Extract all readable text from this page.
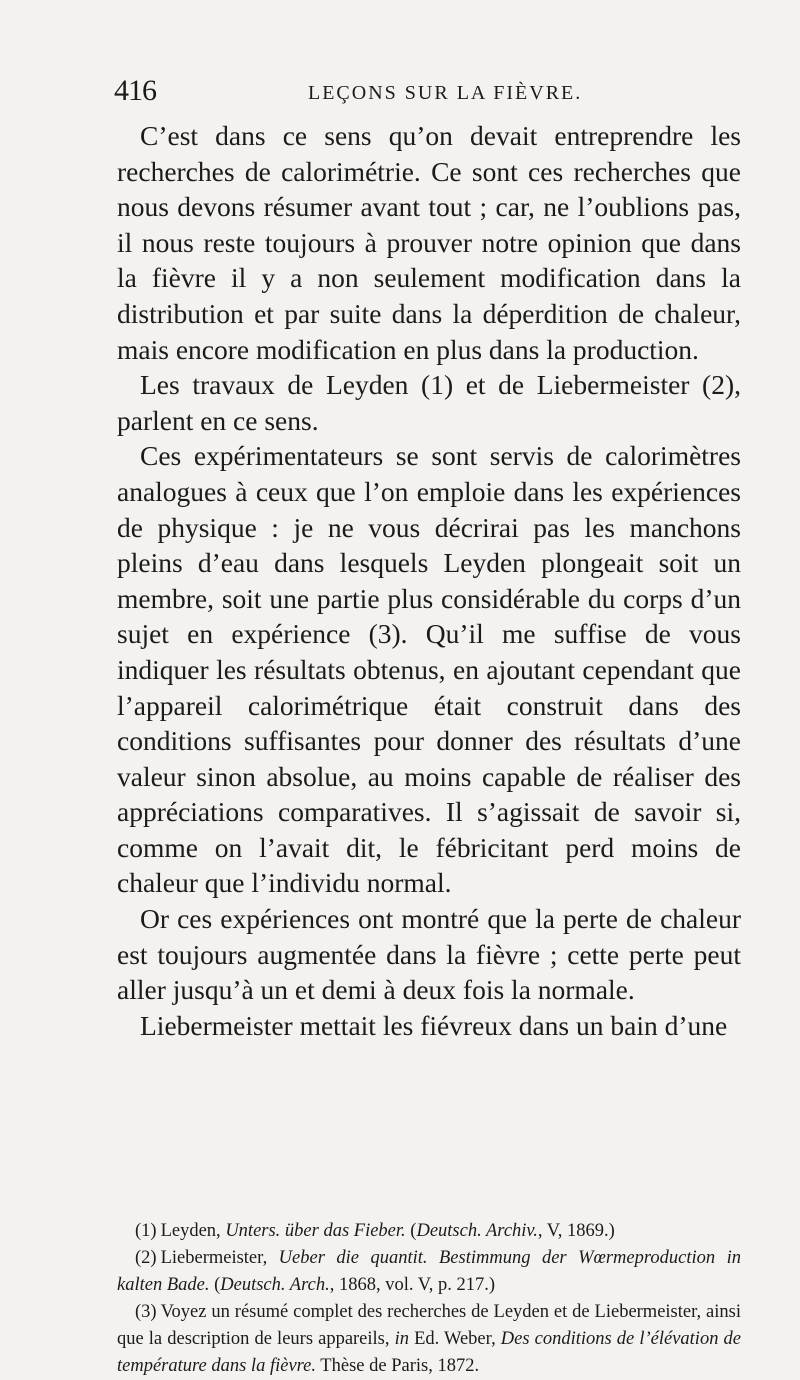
416	LEÇONS SUR LA FIÈVRE.

C’est dans ce sens qu’on devait entreprendre les recherches de calorimétrie. Ce sont ces recherches que nous devons résumer avant tout ; car, ne l’oublions pas, il nous reste toujours à prouver notre opinion que dans la fièvre il y a non seulement modification dans la distribution et par suite dans la déperdition de chaleur, mais encore modification en plus dans la production.

Les travaux de Leyden (1) et de Liebermeister (2), parlent en ce sens.

Ces expérimentateurs se sont servis de calorimètres analogues à ceux que l’on emploie dans les expériences de physique : je ne vous décrirai pas les manchons pleins d’eau dans lesquels Leyden plongeait soit un membre, soit une partie plus considérable du corps d’un sujet en expérience (3). Qu’il me suffise de vous indiquer les résultats obtenus, en ajoutant cependant que l’appareil calorimétrique était construit dans des conditions suffisantes pour donner des résultats d’une valeur sinon absolue, au moins capable de réaliser des appréciations comparatives. Il s’agissait de savoir si, comme on l’avait dit, le fébricitant perd moins de chaleur que l’individu normal.

Or ces expériences ont montré que la perte de chaleur est toujours augmentée dans la fièvre ; cette perte peut aller jusqu’à un et demi à deux fois la normale.

Liebermeister mettait les fiévreux dans un bain d’une

(1) Leyden, Unters. über das Fieber. (Deutsch. Archiv., V, 1869.)

(2) Liebermeister, Ueber die quantit. Bestimmung der Wœrmeproduction in kalten Bade. (Deutsch. Arch., 1868, vol. V, p. 217.)

(3) Voyez un résumé complet des recherches de Leyden et de Liebermeister, ainsi que la description de leurs appareils, in Ed. Weber, Des conditions de l’élévation de température dans la fièvre. Thèse de Paris, 1872.
